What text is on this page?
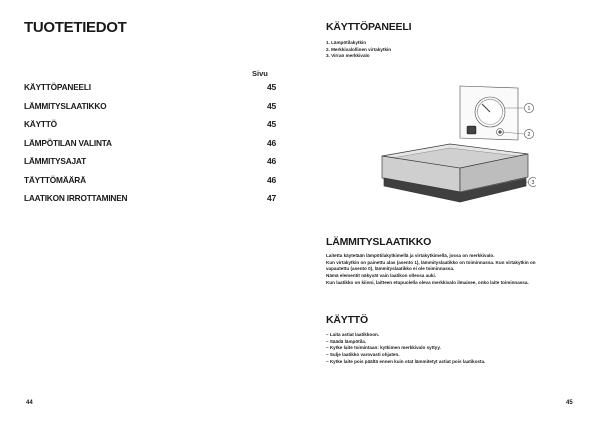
TUOTETIEDOT
Sivu
KÄYTTÖPANEELI	45
LÄMMITYSLAATIKKO	45
KÄYTTÖ	45
LÄMPÖTILAN VALINTA	46
LÄMMITYSAJAT	46
TÄYTTÖMÄÄRÄ	46
LAATIKON IRROTTAMINEN	47
44
KÄYTTÖPANEELI
1. Lämpötilakytkin
2. Merkkivalollinen virtakytkin
3. Virran merkkivalo
1
2
3
LÄMMITYSLAATIKKO
Laitetta käytetään lämpötilakytkimellä ja virtakytkimellä, jossa on merkkivalo.
Kun virtakytkin on painettu alas (asento 1), lämmityslaatikko on toiminnassa. Kun virtakytkin on
vapautettu (asento 0), lämmityslaatikko ei ole toiminnassa.
Nämä elementit näkyvät vain laatikon ollessa auki.
Kun laatikko on kiinni, laitteen etupuolella oleva merkkivalo ilmaisee, onko laite toiminnassa.
KÄYTTÖ
– Laita astiat laatikkoon.
– Säädä lämpötila.
– Kytke laite toimintaan: kytkimen merkkivalo syttyy.
– Sulje laatikko varovasti ohjaten.
– Kytke laite pois päältä ennen kuin otat lämmitetyt astiat pois laatikosta.
45
